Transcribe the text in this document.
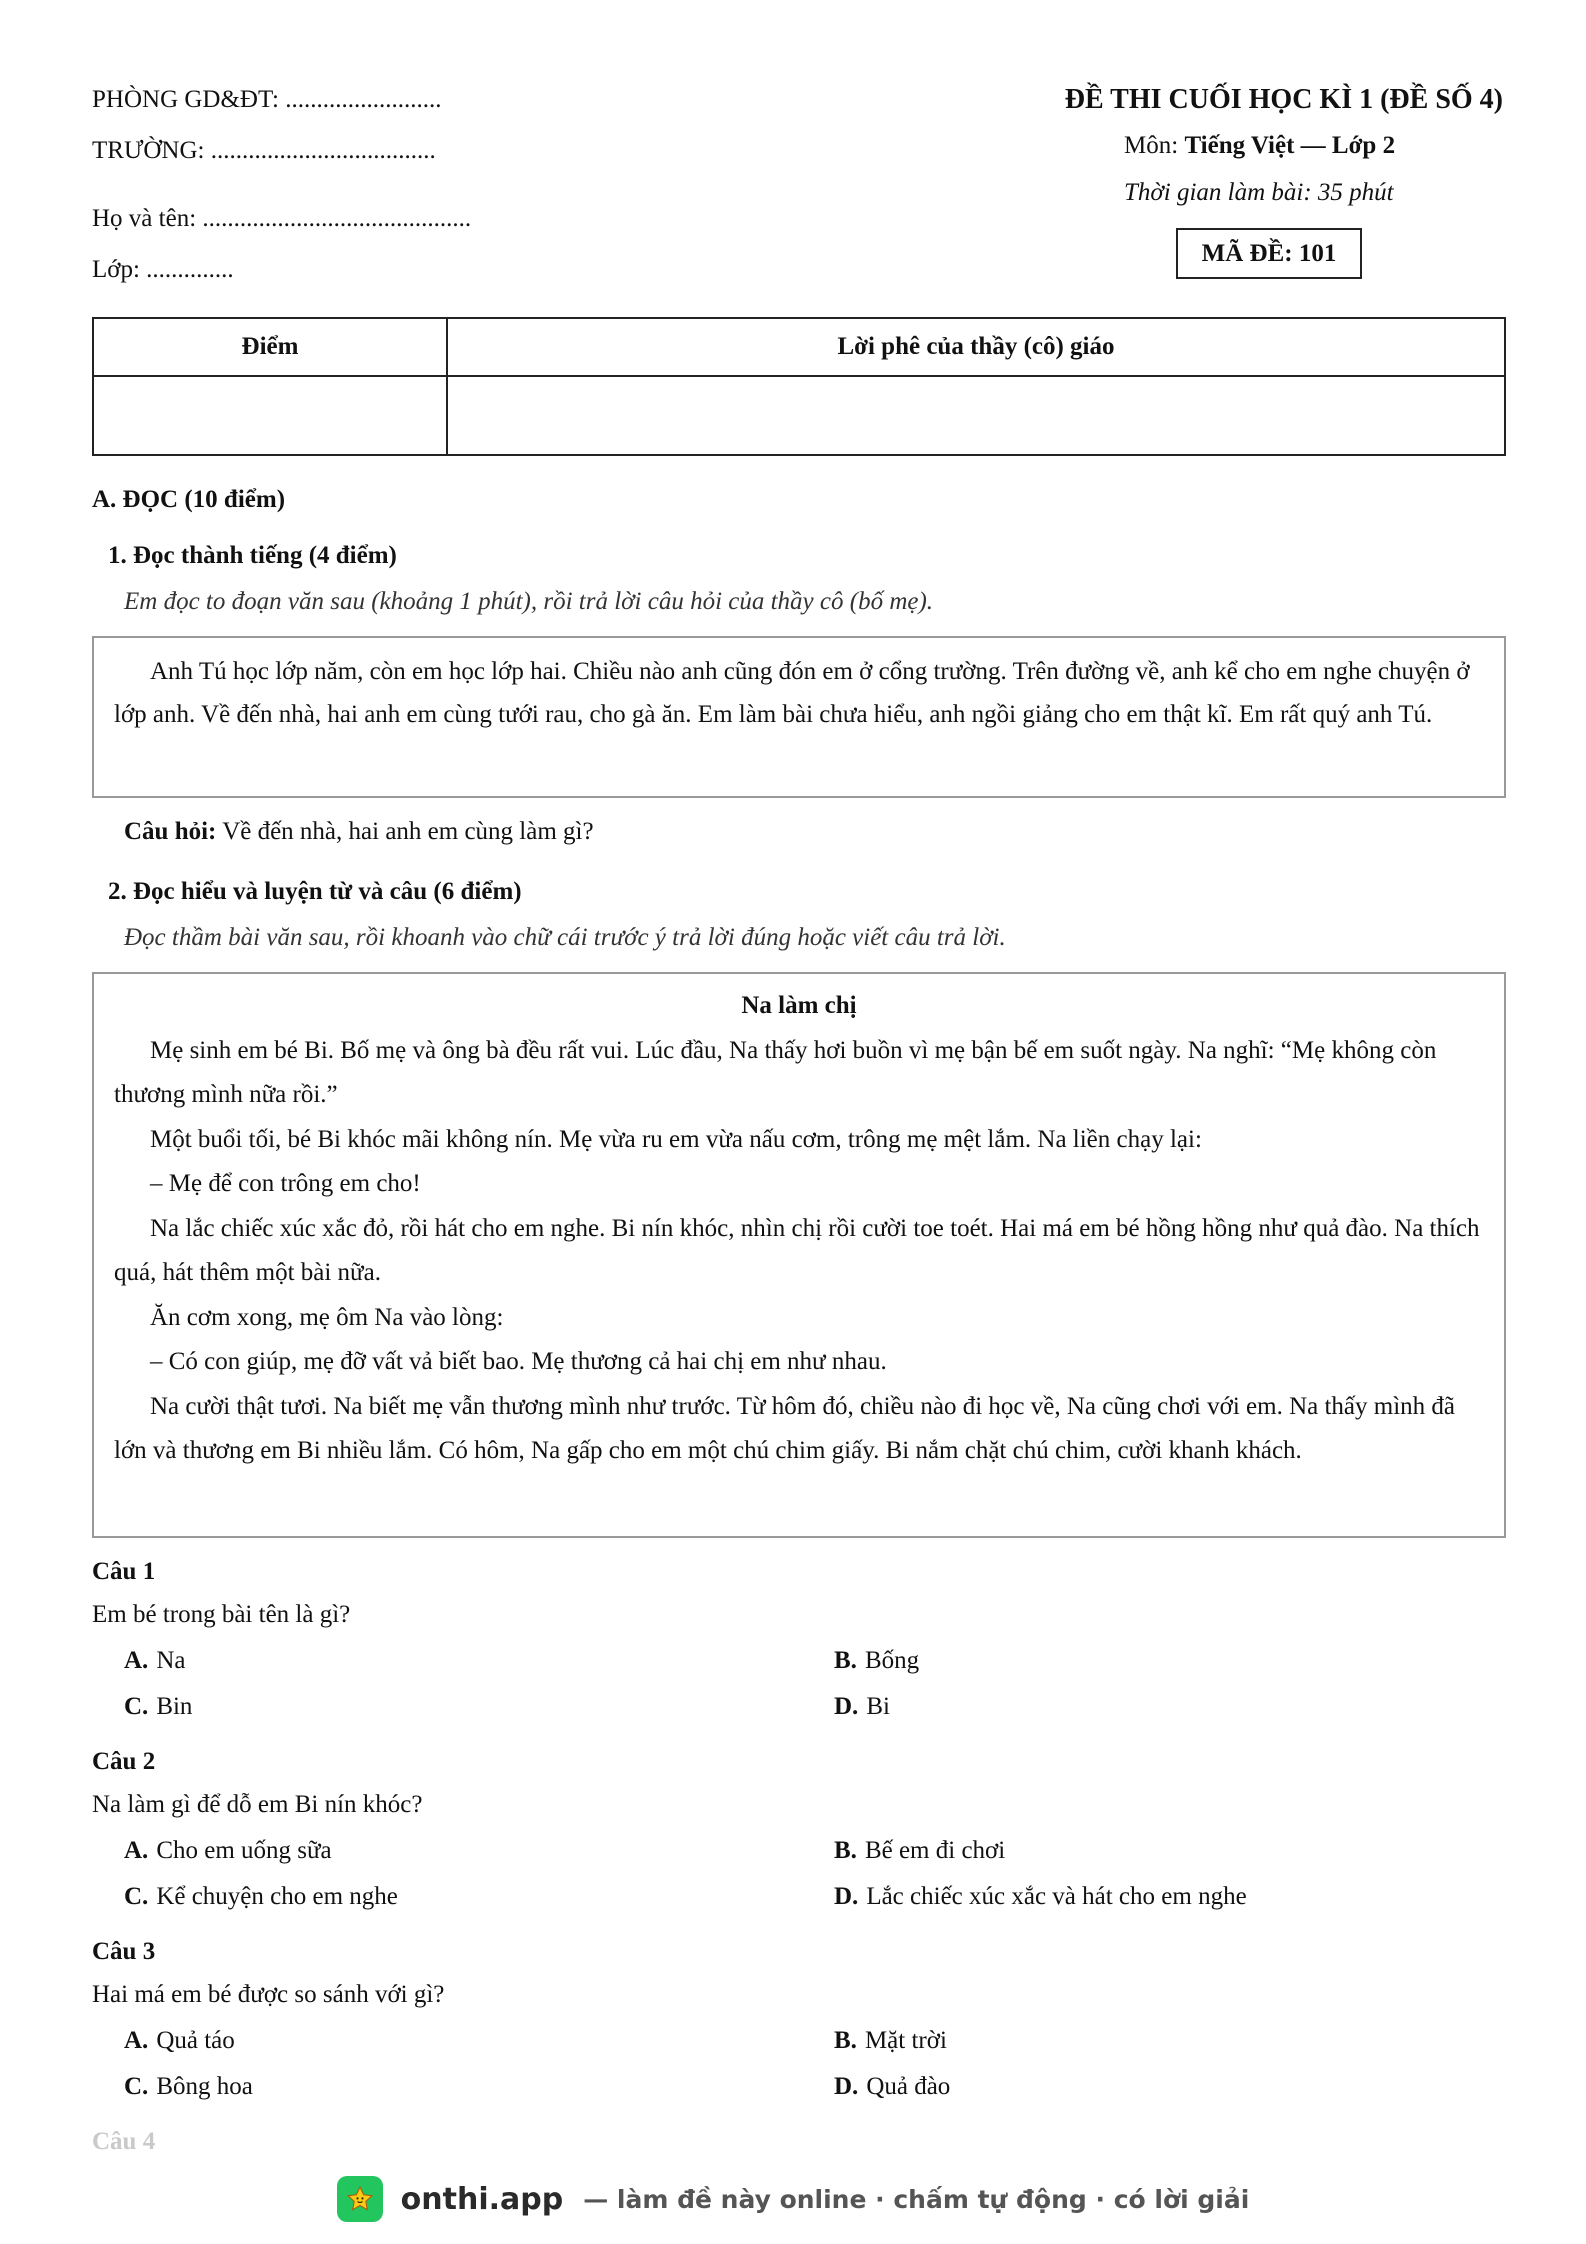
PHÒNG GD&ĐT: .........................
TRƯỜNG: ....................................
Họ và tên: ...........................................
Lớp: ..............
ĐỀ THI CUỐI HỌC KÌ 1 (ĐỀ SỐ 4)
Môn: Tiếng Việt — Lớp 2
Thời gian làm bài: 35 phút
MÃ ĐỀ: 101
Điểm	Lời phê của thầy (cô) giáo
A. ĐỌC (10 điểm)
1. Đọc thành tiếng (4 điểm)
Em đọc to đoạn văn sau (khoảng 1 phút), rồi trả lời câu hỏi của thầy cô (bố mẹ).

Anh Tú học lớp năm, còn em học lớp hai. Chiều nào anh cũng đón em ở cổng trường. Trên đường về, anh kể cho em nghe chuyện ở lớp anh. Về đến nhà, hai anh em cùng tưới rau, cho gà ăn. Em làm bài chưa hiểu, anh ngồi giảng cho em thật kĩ. Em rất quý anh Tú.

Câu hỏi: Về đến nhà, hai anh em cùng làm gì?
2. Đọc hiểu và luyện từ và câu (6 điểm)
Đọc thầm bài văn sau, rồi khoanh vào chữ cái trước ý trả lời đúng hoặc viết câu trả lời.

Na làm chị

Mẹ sinh em bé Bi. Bố mẹ và ông bà đều rất vui. Lúc đầu, Na thấy hơi buồn vì mẹ bận bế em suốt ngày. Na nghĩ: “Mẹ không còn thương mình nữa rồi.”

Một buổi tối, bé Bi khóc mãi không nín. Mẹ vừa ru em vừa nấu cơm, trông mẹ mệt lắm. Na liền chạy lại:

– Mẹ để con trông em cho!

Na lắc chiếc xúc xắc đỏ, rồi hát cho em nghe. Bi nín khóc, nhìn chị rồi cười toe toét. Hai má em bé hồng hồng như quả đào. Na thích quá, hát thêm một bài nữa.

Ăn cơm xong, mẹ ôm Na vào lòng:

– Có con giúp, mẹ đỡ vất vả biết bao. Mẹ thương cả hai chị em như nhau.

Na cười thật tươi. Na biết mẹ vẫn thương mình như trước. Từ hôm đó, chiều nào đi học về, Na cũng chơi với em. Na thấy mình đã lớn và thương em Bi nhiều lắm. Có hôm, Na gấp cho em một chú chim giấy. Bi nắm chặt chú chim, cười khanh khách.

Câu 1
Em bé trong bài tên là gì?
A. Na	B. Bống
C. Bin	D. Bi
Câu 2
Na làm gì để dỗ em Bi nín khóc?
A. Cho em uống sữa	B. Bế em đi chơi
C. Kể chuyện cho em nghe	D. Lắc chiếc xúc xắc và hát cho em nghe
Câu 3
Hai má em bé được so sánh với gì?
A. Quả táo	B. Mặt trời
C. Bông hoa	D. Quả đào
Câu 4
onthi.app — làm đề này online · chấm tự động · có lời giải
